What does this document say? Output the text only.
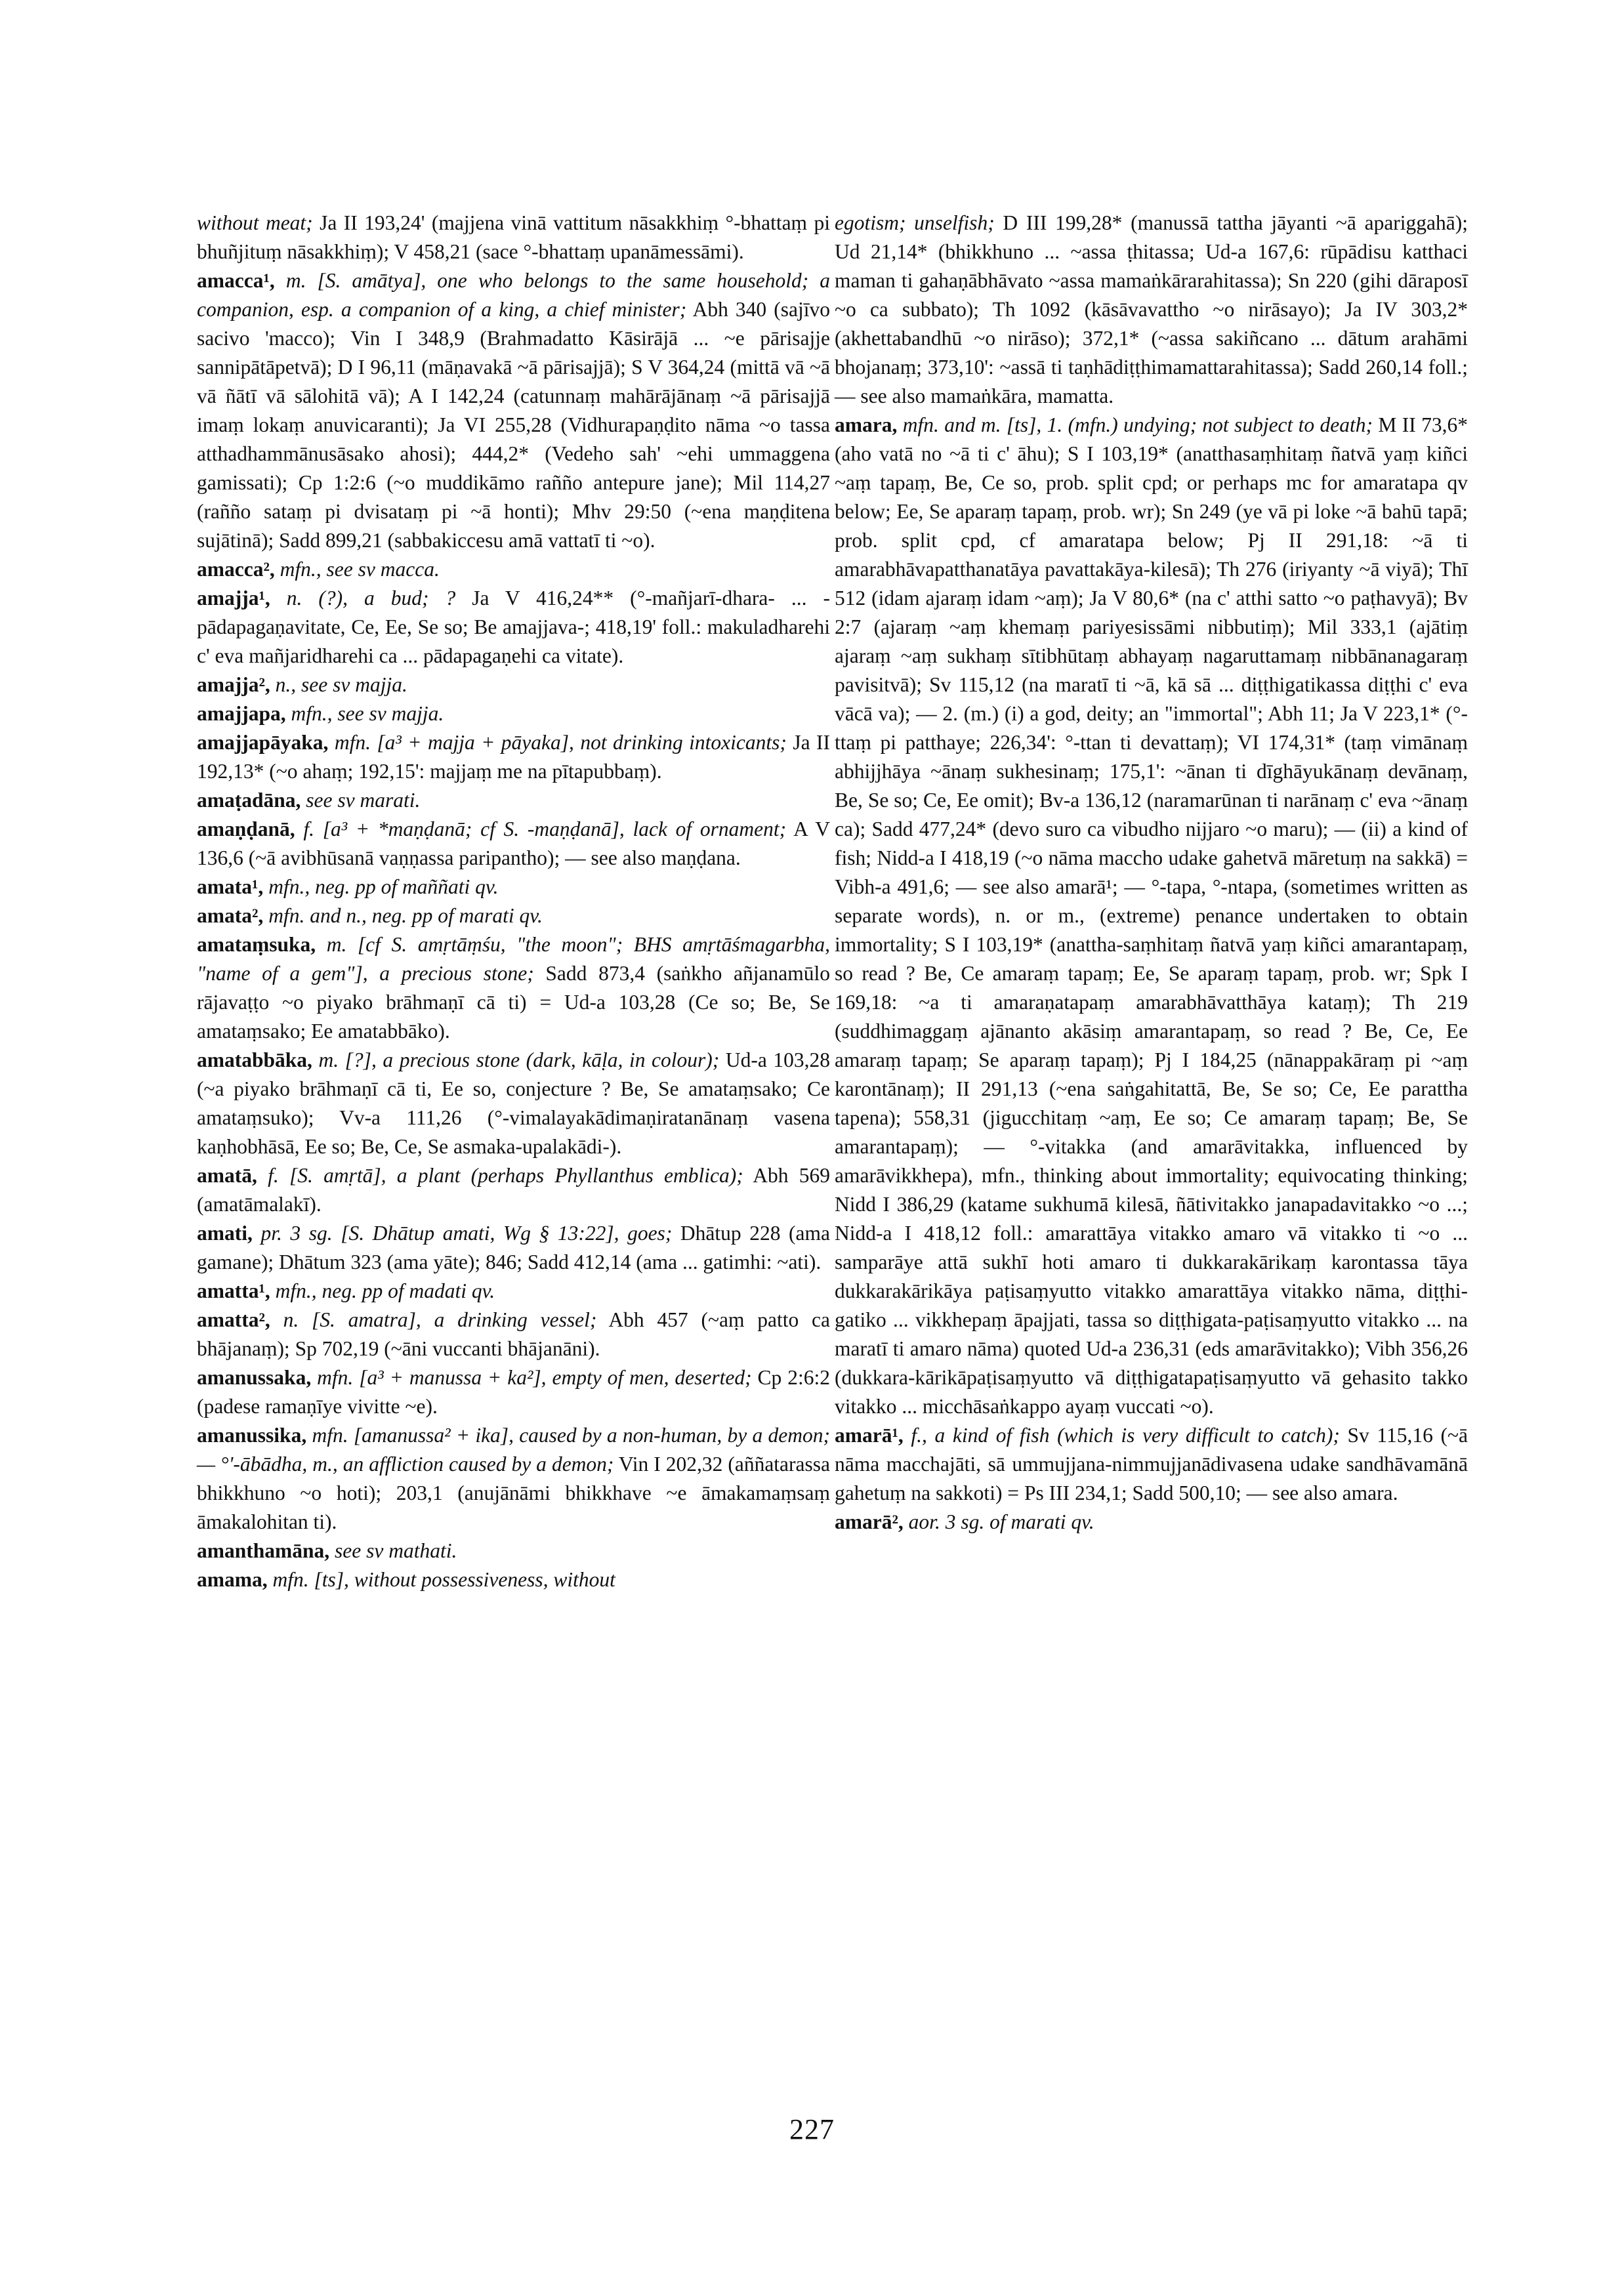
without meat; Ja II 193,24' (majjena vinā vattitum nāsakkhiṃ °-bhattaṃ pi bhuñjituṃ nāsakkhiṃ); V 458,21 (sace °-bhattaṃ upanāmessāmi).

amacca¹, m. [S. amātya], one who belongs to the same household; a companion, esp. a companion of a king, a chief minister; Abh 340 (sajīvo sacivo 'macco); Vin I 348,9 (Brahmadatto Kāsirājā ... ~e pārisajje sannipātāpetvā); D I 96,11 (māṇavakā ~ā pārisajjā); S V 364,24 (mittā vā ~ā vā ñātī vā sālohitā vā); A I 142,24 (catunnaṃ mahārājānaṃ ~ā pārisajjā imaṃ lokaṃ anuvicaranti); Ja VI 255,28 (Vidhurapaṇḍito nāma ~o tassa atthadhammānusāsako ahosi); 444,2* (Vedeho sah' ~ehi ummaggena gamissati); Cp 1:2:6 (~o muddikāmo rañño antepure jane); Mil 114,27 (rañño sataṃ pi dvisataṃ pi ~ā honti); Mhv 29:50 (~ena maṇḍitena sujātinā); Sadd 899,21 (sabbakiccesu amā vattatī ti ~o).

amacca², mfn., see sv macca.

amajja¹, n. (?), a bud; ? Ja V 416,24** (°-mañjarī-dhara- ... -pādapagaṇavitate, Ce, Ee, Se so; Be amajjava-; 418,19' foll.: makuladharehi c' eva mañjaridharehi ca ... pādapagaṇehi ca vitate).

amajja², n., see sv majja.

amajjapa, mfn., see sv majja.

amajjapāyaka, mfn. [a³ + majja + pāyaka], not drinking intoxicants; Ja II 192,13* (~o ahaṃ; 192,15': majjaṃ me na pītapubbaṃ).

amaṭadāna, see sv marati.

amaṇḍanā, f. [a³ + *maṇḍanā; cf S. -maṇḍanā], lack of ornament; A V 136,6 (~ā avibhūsanā vaṇṇassa paripantho); — see also maṇḍana.

amata¹, mfn., neg. pp of maññati qv.

amata², mfn. and n., neg. pp of marati qv.

amataṃsuka, m. [cf S. amṛtāṃśu, "the moon"; BHS amṛtāśmagarbha, "name of a gem"], a precious stone; Sadd 873,4 (saṅkho añjanamūlo rājavaṭṭo ~o piyako brāhmaṇī cā ti) = Ud-a 103,28 (Ce so; Be, Se amataṃsako; Ee amatabbāko).

amatabbāka, m. [?], a precious stone (dark, kāḷa, in colour); Ud-a 103,28 (~a piyako brāhmaṇī cā ti, Ee so, conjecture ? Be, Se amataṃsako; Ce amataṃsuko); Vv-a 111,26 (°-vimalayakādimaṇiratanānaṃ vasena kaṇhobhāsā, Ee so; Be, Ce, Se asmaka-upalakādi-).

amatā, f. [S. amṛtā], a plant (perhaps Phyllanthus emblica); Abh 569 (amatāmalakī).

amati, pr. 3 sg. [S. Dhātup amati, Wg § 13:22], goes; Dhātup 228 (ama gamane); Dhātum 323 (ama yāte); 846; Sadd 412,14 (ama ... gatimhi: ~ati).

amatta¹, mfn., neg. pp of madati qv.

amatta², n. [S. amatra], a drinking vessel; Abh 457 (~aṃ patto ca bhājanaṃ); Sp 702,19 (~āni vuccanti bhājanāni).

amanussaka, mfn. [a³ + manussa + ka²], empty of men, deserted; Cp 2:6:2 (padese ramaṇīye vivitte ~e).

amanussika, mfn. [amanussa² + ika], caused by a non-human, by a demon; — °'-ābādha, m., an affliction caused by a demon; Vin I 202,32 (aññatarassa bhikkhuno ~o hoti); 203,1 (anujānāmi bhikkhave ~e āmakamaṃsaṃ āmakalohitan ti).

amanthamāna, see sv mathati.

amama, mfn. [ts], without possessiveness, without

egotism; unselfish; D III 199,28* (manussā tattha jāyanti ~ā apariggahā); Ud 21,14* (bhikkhuno ... ~assa ṭhitassa; Ud-a 167,6: rūpādisu katthaci maman ti gahaṇābhāvato ~assa mamaṅkārarahitassa); Sn 220 (gihi dāraposī ~o ca subbato); Th 1092 (kāsāvavattho ~o nirāsayo); Ja IV 303,2* (akhettabandhū ~o nirāso); 372,1* (~assa sakiñcano ... dātum arahāmi bhojanaṃ; 373,10': ~assā ti taṇhādiṭṭhimamattarahitassa); Sadd 260,14 foll.; — see also mamaṅkāra, mamatta.

amara, mfn. and m. [ts], 1. (mfn.) undying; not subject to death; M II 73,6* (aho vatā no ~ā ti c' āhu); S I 103,19* (anatthasaṃhitaṃ ñatvā yaṃ kiñci ~aṃ tapaṃ, Be, Ce so, prob. split cpd; or perhaps mc for amaratapa qv below; Ee, Se aparaṃ tapaṃ, prob. wr); Sn 249 (ye vā pi loke ~ā bahū tapā; prob. split cpd, cf amaratapa below; Pj II 291,18: ~ā ti amarabhāvapatthanatāya pavattakāya-kilesā); Th 276 (iriyanty ~ā viyā); Thī 512 (idam ajaraṃ idam ~aṃ); Ja V 80,6* (na c' atthi satto ~o paṭhavyā); Bv 2:7 (ajaraṃ ~aṃ khemaṃ pariyesissāmi nibbutiṃ); Mil 333,1 (ajātiṃ ajaraṃ ~aṃ sukhaṃ sītibhūtaṃ abhayaṃ nagaruttamaṃ nibbānanagaraṃ pavisitvā); Sv 115,12 (na maratī ti ~ā, kā sā ... diṭṭhigatikassa diṭṭhi c' eva vācā va); — 2. (m.) (i) a god, deity; an "immortal"; Abh 11; Ja V 223,1* (°-ttaṃ pi patthaye; 226,34': °-ttan ti devattaṃ); VI 174,31* (taṃ vimānaṃ abhijjhāya ~ānaṃ sukhesinaṃ; 175,1': ~ānan ti dīghāyukānaṃ devānaṃ, Be, Se so; Ce, Ee omit); Bv-a 136,12 (naramarūnan ti narānaṃ c' eva ~ānaṃ ca); Sadd 477,24* (devo suro ca vibudho nijjaro ~o maru); — (ii) a kind of fish; Nidd-a I 418,19 (~o nāma maccho udake gahetvā māretuṃ na sakkā) = Vibh-a 491,6; — see also amarā¹; — °-tapa, °-ntapa, (sometimes written as separate words), n. or m., (extreme) penance undertaken to obtain immortality; S I 103,19* (anattha-saṃhitaṃ ñatvā yaṃ kiñci amarantapaṃ, so read ? Be, Ce amaraṃ tapaṃ; Ee, Se aparaṃ tapaṃ, prob. wr; Spk I 169,18: ~a ti amaraṇatapaṃ amarabhāvatthāya kataṃ); Th 219 (suddhimaggaṃ ajānanto akāsiṃ amarantapaṃ, so read ? Be, Ce, Ee amaraṃ tapaṃ; Se aparaṃ tapaṃ); Pj I 184,25 (nānappakāraṃ pi ~aṃ karontānaṃ); II 291,13 (~ena saṅgahitattā, Be, Se so; Ce, Ee parattha tapena); 558,31 (jigucchitaṃ ~aṃ, Ee so; Ce amaraṃ tapaṃ; Be, Se amarantapaṃ); — °-vitakka (and amarāvitakka, influenced by amarāvikkhepa), mfn., thinking about immortality; equivocating thinking; Nidd I 386,29 (katame sukhumā kilesā, ñātivitakko janapadavitakko ~o ...; Nidd-a I 418,12 foll.: amarattāya vitakko amaro vā vitakko ti ~o ... samparāye attā sukhī hoti amaro ti dukkarakārikaṃ karontassa tāya dukkarakārikāya paṭisaṃyutto vitakko amarattāya vitakko nāma, diṭṭhi-gatiko ... vikkhepaṃ āpajjati, tassa so diṭṭhigata-paṭisaṃyutto vitakko ... na maratī ti amaro nāma) quoted Ud-a 236,31 (eds amarāvitakko); Vibh 356,26 (dukkara-kārikāpaṭisaṃyutto vā diṭṭhigatapaṭisaṃyutto vā gehasito takko vitakko ... micchāsaṅkappo ayaṃ vuccati ~o).

amarā¹, f., a kind of fish (which is very difficult to catch); Sv 115,16 (~ā nāma macchajāti, sā ummujjana-nimmujjanādivasena udake sandhāvamānā gahetuṃ na sakkoti) = Ps III 234,1; Sadd 500,10; — see also amara.

amarā², aor. 3 sg. of marati qv.

227
